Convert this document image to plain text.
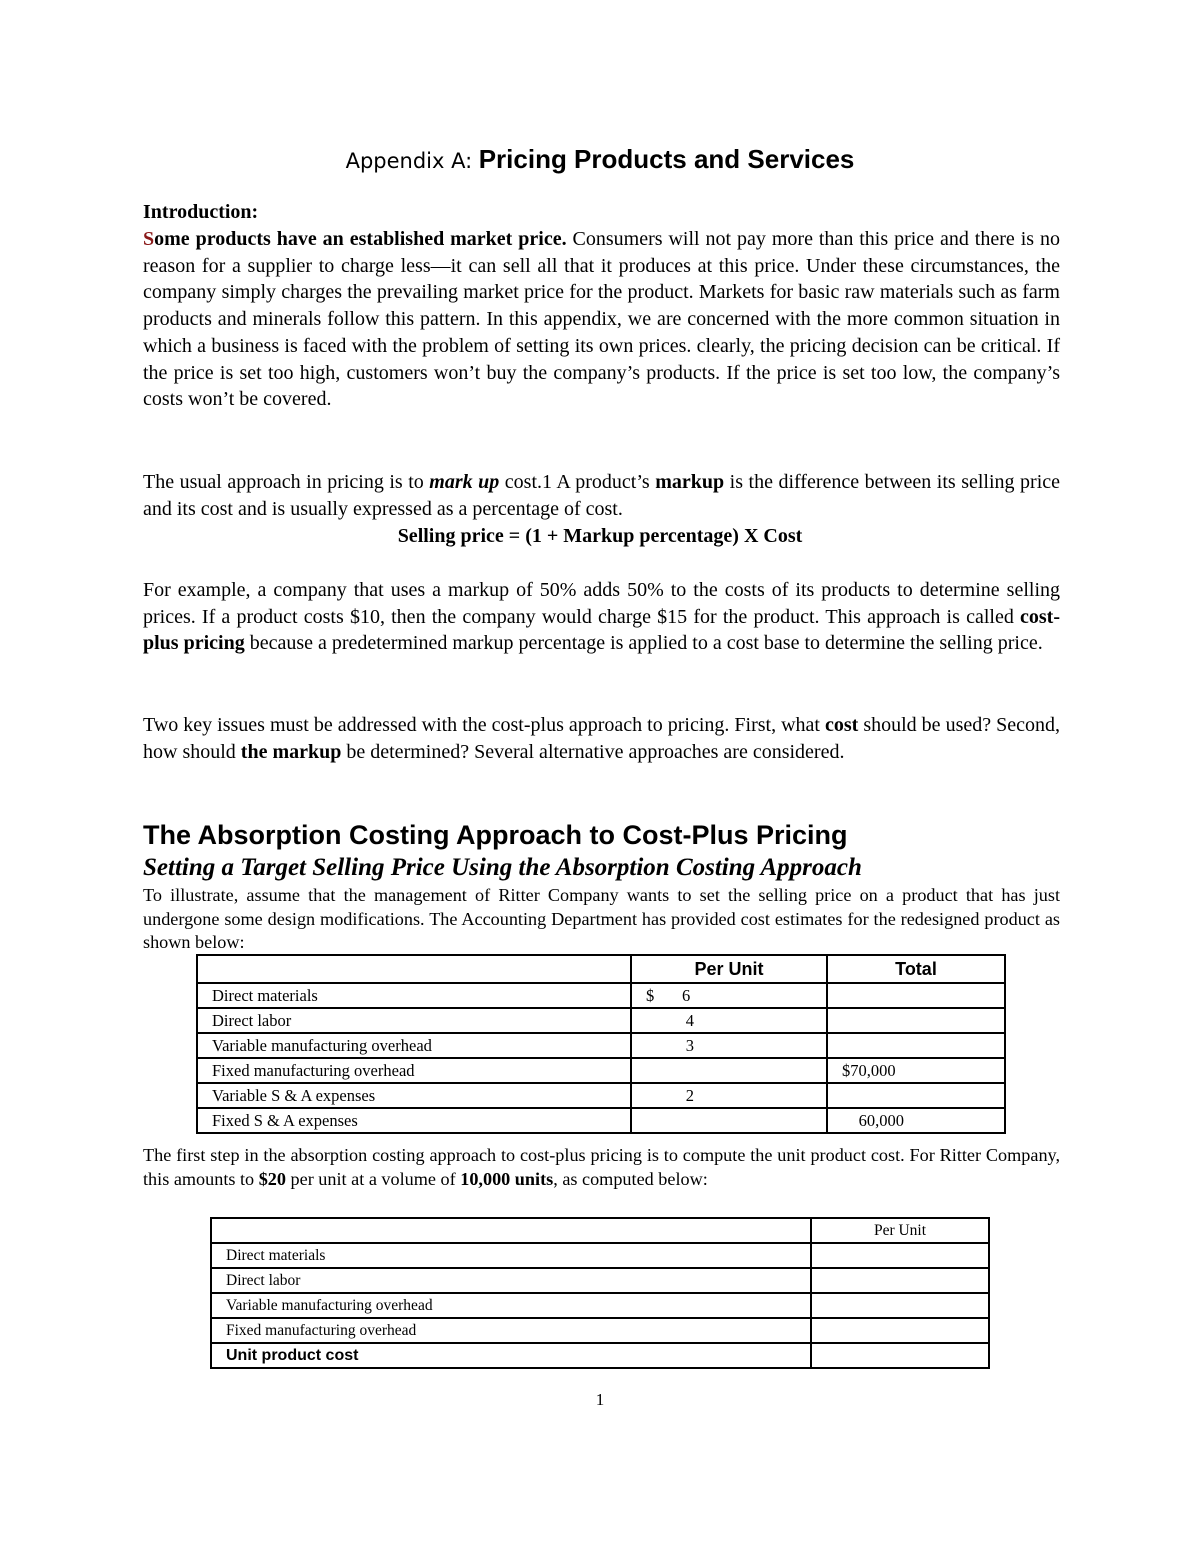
Appendix A: Pricing Products and Services
Introduction:
Some products have an established market price. Consumers will not pay more than this price and there is no reason for a supplier to charge less—it can sell all that it produces at this price. Under these circumstances, the company simply charges the prevailing market price for the product. Markets for basic raw materials such as farm products and minerals follow this pattern. In this appendix, we are concerned with the more common situation in which a business is faced with the problem of setting its own prices. clearly, the pricing decision can be critical. If the price is set too high, customers won’t buy the company’s products. If the price is set too low, the company’s costs won’t be covered.
The usual approach in pricing is to mark up cost.1 A product’s markup is the difference between its selling price and its cost and is usually expressed as a percentage of cost.
Selling price = (1 + Markup percentage) X Cost
For example, a company that uses a markup of 50% adds 50% to the costs of its products to determine selling prices. If a product costs $10, then the company would charge $15 for the product. This approach is called cost-plus pricing because a predetermined markup percentage is applied to a cost base to determine the selling price.
Two key issues must be addressed with the cost-plus approach to pricing. First, what cost should be used? Second, how should the markup be determined? Several alternative approaches are considered.
The Absorption Costing Approach to Cost-Plus Pricing
Setting a Target Selling Price Using the Absorption Costing Approach
To illustrate, assume that the management of Ritter Company wants to set the selling price on a product that has just undergone some design modifications. The Accounting Department has provided cost estimates for the redesigned product as shown below:
	Per Unit	Total
Direct materials	$ 6	
Direct labor	4	
Variable manufacturing overhead	3	
Fixed manufacturing overhead		$70,000
Variable S & A expenses	2	
Fixed S & A expenses		60,000
The first step in the absorption costing approach to cost-plus pricing is to compute the unit product cost. For Ritter Company, this amounts to $20 per unit at a volume of 10,000 units, as computed below:
	Per Unit
Direct materials	
Direct labor	
Variable manufacturing overhead	
Fixed manufacturing overhead	
Unit product cost	
1
